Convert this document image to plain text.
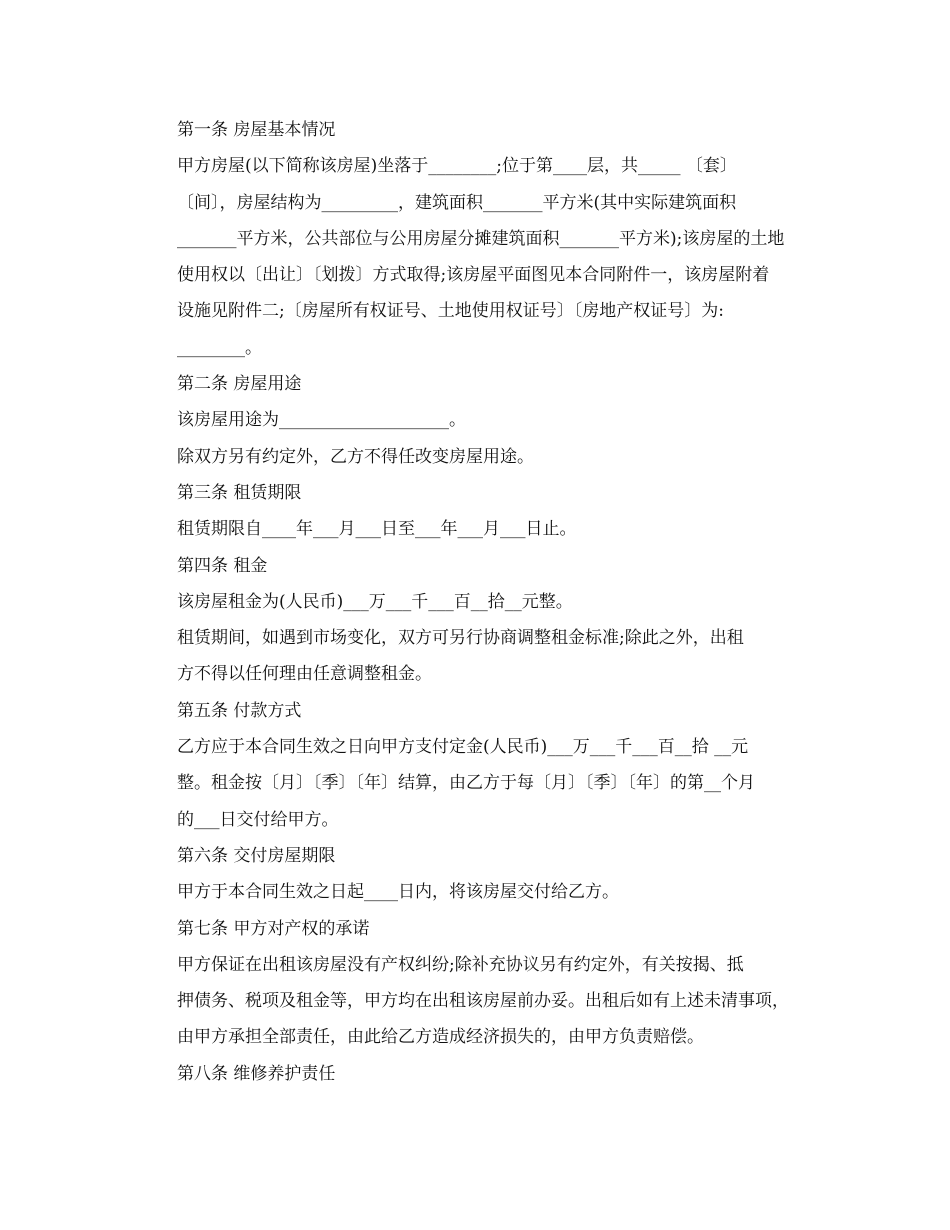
第一条 房屋基本情况

甲方房屋(以下简称该房屋)坐落于________;位于第____层，共_____ 〔套〕
〔间〕，房屋结构为_________，建筑面积_______平方米(其中实际建筑面积
_______平方米，公共部位与公用房屋分摊建筑面积_______平方米);该房屋的土地
使用权以〔出让〕〔划拨〕方式取得;该房屋平面图见本合同附件一，该房屋附着
设施见附件二;〔房屋所有权证号、土地使用权证号〕〔房地产权证号〕为:
________。

第二条 房屋用途

该房屋用途为____________________。

除双方另有约定外，乙方不得任改变房屋用途。

第三条 租赁期限

租赁期限自____年___月___日至___年___月___日止。

第四条 租金

该房屋租金为(人民币)___万___千___百__拾__元整。

租赁期间，如遇到市场变化，双方可另行协商调整租金标准;除此之外，出租
方不得以任何理由任意调整租金。

第五条 付款方式

乙方应于本合同生效之日向甲方支付定金(人民币)___万___千___百__拾 __元
整。租金按〔月〕〔季〕〔年〕结算，由乙方于每〔月〕〔季〕〔年〕的第__个月
的___日交付给甲方。

第六条 交付房屋期限

甲方于本合同生效之日起____日内，将该房屋交付给乙方。

第七条 甲方对产权的承诺

甲方保证在出租该房屋没有产权纠纷;除补充协议另有约定外，有关按揭、抵
押债务、税项及租金等，甲方均在出租该房屋前办妥。出租后如有上述未清事项，
由甲方承担全部责任，由此给乙方造成经济损失的，由甲方负责赔偿。

第八条 维修养护责任
